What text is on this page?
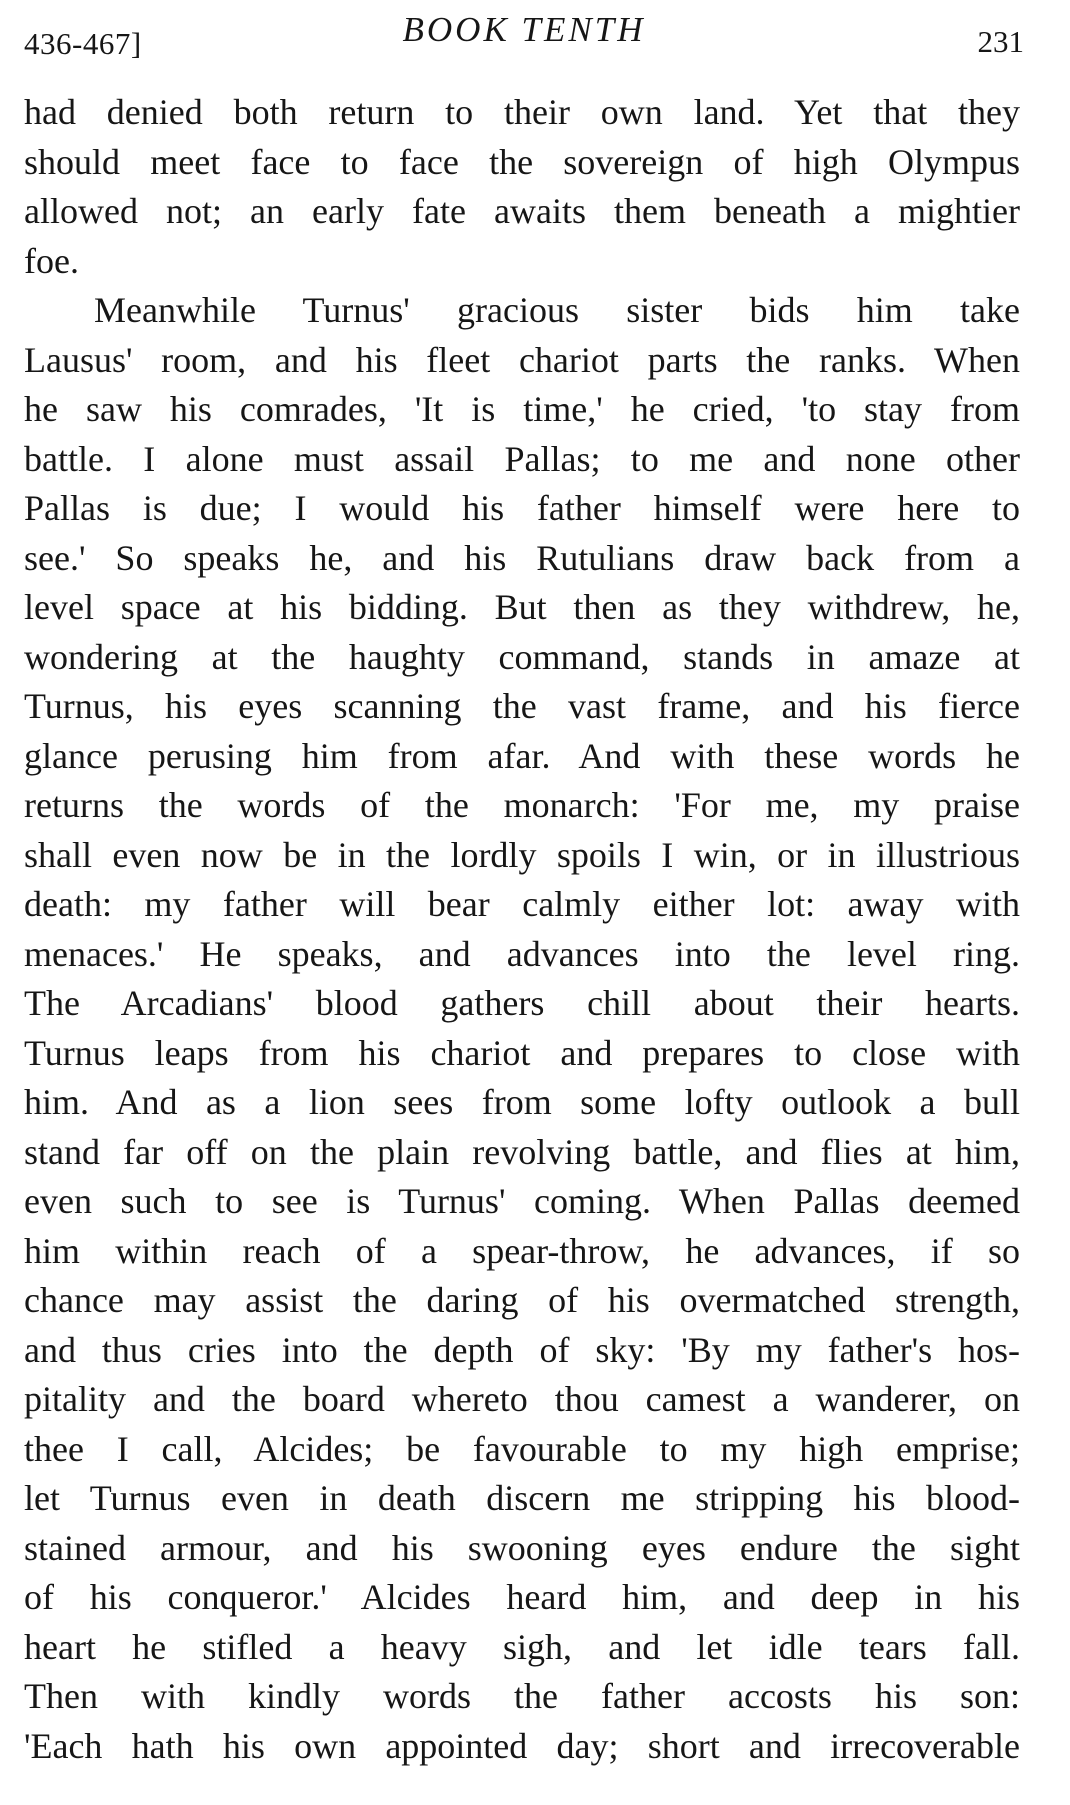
436-467]	BOOK TENTH	231
had denied both return to their own land. Yet that they
should meet face to face the sovereign of high Olympus
allowed not; an early fate awaits them beneath a mightier
foe.
Meanwhile Turnus' gracious sister bids him take
Lausus' room, and his fleet chariot parts the ranks. When
he saw his comrades, 'It is time,' he cried, 'to stay from
battle. I alone must assail Pallas; to me and none other
Pallas is due; I would his father himself were here to
see.' So speaks he, and his Rutulians draw back from a
level space at his bidding. But then as they withdrew, he,
wondering at the haughty command, stands in amaze at
Turnus, his eyes scanning the vast frame, and his fierce
glance perusing him from afar. And with these words he
returns the words of the monarch: 'For me, my praise
shall even now be in the lordly spoils I win, or in illustrious
death: my father will bear calmly either lot: away with
menaces.' He speaks, and advances into the level ring.
The Arcadians' blood gathers chill about their hearts.
Turnus leaps from his chariot and prepares to close with
him. And as a lion sees from some lofty outlook a bull
stand far off on the plain revolving battle, and flies at him,
even such to see is Turnus' coming. When Pallas deemed
him within reach of a spear-throw, he advances, if so
chance may assist the daring of his overmatched strength,
and thus cries into the depth of sky: 'By my father's hos-
pitality and the board whereto thou camest a wanderer, on
thee I call, Alcides; be favourable to my high emprise;
let Turnus even in death discern me stripping his blood-
stained armour, and his swooning eyes endure the sight
of his conqueror.' Alcides heard him, and deep in his
heart he stifled a heavy sigh, and let idle tears fall.
Then with kindly words the father accosts his son:
'Each hath his own appointed day; short and irrecoverable
